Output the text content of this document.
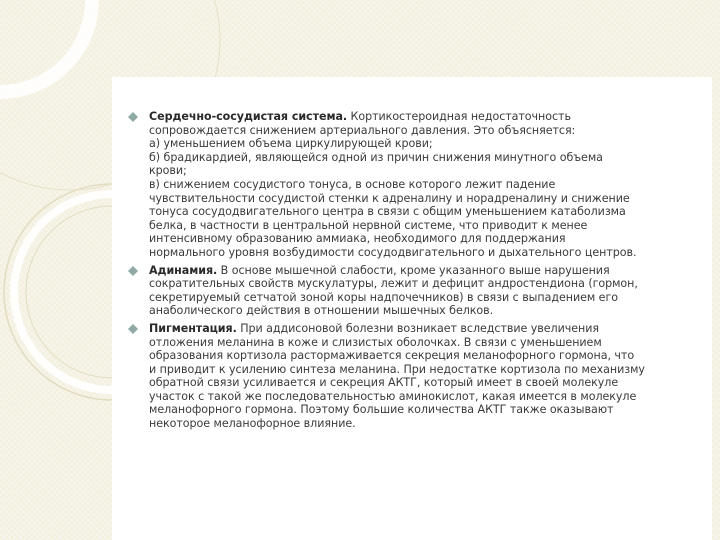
Сердечно-сосудистая система. Кортикостероидная недостаточность
сопровождается снижением артериального давления. Это объясняется:
а) уменьшением объема циркулирующей крови;
б) брадикардией, являющейся одной из причин снижения минутного объема
крови;
в) снижением сосудистого тонуса, в основе которого лежит падение
чувствительности сосудистой стенки к адреналину и норадреналину и снижение
тонуса сосудодвигательного центра в связи с общим уменьшением катаболизма
белка, в частности в центральной нервной системе, что приводит к менее
интенсивному образованию аммиака, необходимого для поддержания
нормального уровня возбудимости сосудодвигательного и дыхательного центров.
Адинамия. В основе мышечной слабости, кроме указанного выше нарушения
сократительных свойств мускулатуры, лежит и дефицит андростендиона (гормон,
секретируемый сетчатой зоной коры надпочечников) в связи с выпадением его
анаболического действия в отношении мышечных белков.
Пигментация. При аддисоновой болезни возникает вследствие увеличения
отложения меланина в коже и слизистых оболочках. В связи с уменьшением
образования кортизола растормаживается секреция меланофорного гормона, что
и приводит к усилению синтеза меланина. При недостатке кортизола по механизму
обратной связи усиливается и секреция АКТГ, который имеет в своей молекуле
участок с такой же последовательностью аминокислот, какая имеется в молекуле
меланофорного гормона. Поэтому большие количества АКТГ также оказывают
некоторое меланофорное влияние.
